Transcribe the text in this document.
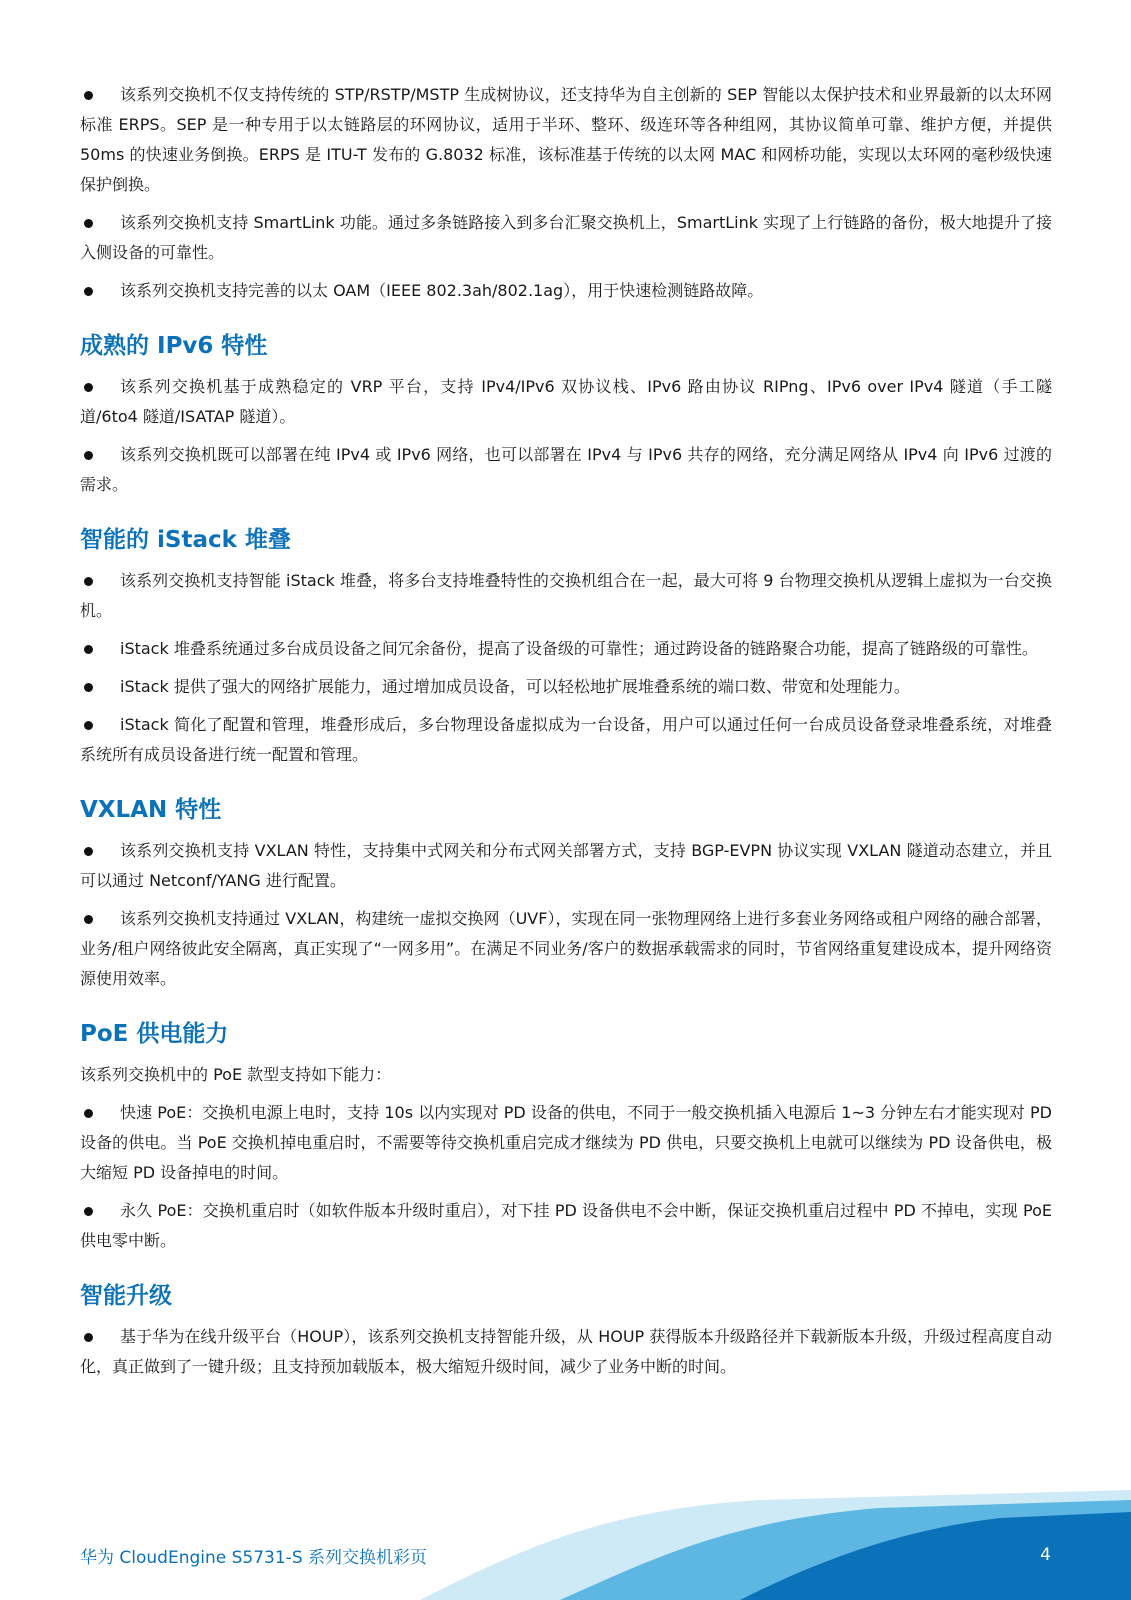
该系列交换机不仅支持传统的 STP/RSTP/MSTP 生成树协议，还支持华为自主创新的 SEP 智能以太保护技术和业界最新的以太环网标准 ERPS。SEP 是一种专用于以太链路层的环网协议，适用于半环、整环、级连环等各种组网，其协议简单可靠、维护方便，并提供 50ms 的快速业务倒换。ERPS 是 ITU-T 发布的 G.8032 标准，该标准基于传统的以太网 MAC 和网桥功能，实现以太环网的毫秒级快速保护倒换。
该系列交换机支持 SmartLink 功能。通过多条链路接入到多台汇聚交换机上，SmartLink 实现了上行链路的备份，极大地提升了接入侧设备的可靠性。
该系列交换机支持完善的以太 OAM（IEEE 802.3ah/802.1ag），用于快速检测链路故障。
成熟的 IPv6 特性
该系列交换机基于成熟稳定的 VRP 平台，支持 IPv4/IPv6 双协议栈、IPv6 路由协议 RIPng、IPv6 over IPv4 隧道（手工隧道/6to4 隧道/ISATAP 隧道）。
该系列交换机既可以部署在纯 IPv4 或 IPv6 网络，也可以部署在 IPv4 与 IPv6 共存的网络，充分满足网络从 IPv4 向 IPv6 过渡的需求。
智能的 iStack 堆叠
该系列交换机支持智能 iStack 堆叠，将多台支持堆叠特性的交换机组合在一起，最大可将 9 台物理交换机从逻辑上虚拟为一台交换机。
iStack 堆叠系统通过多台成员设备之间冗余备份，提高了设备级的可靠性；通过跨设备的链路聚合功能，提高了链路级的可靠性。
iStack 提供了强大的网络扩展能力，通过增加成员设备，可以轻松地扩展堆叠系统的端口数、带宽和处理能力。
iStack 简化了配置和管理，堆叠形成后，多台物理设备虚拟成为一台设备，用户可以通过任何一台成员设备登录堆叠系统，对堆叠系统所有成员设备进行统一配置和管理。
VXLAN 特性
该系列交换机支持 VXLAN 特性，支持集中式网关和分布式网关部署方式，支持 BGP-EVPN 协议实现 VXLAN 隧道动态建立，并且可以通过 Netconf/YANG 进行配置。
该系列交换机支持通过 VXLAN，构建统一虚拟交换网（UVF），实现在同一张物理网络上进行多套业务网络或租户网络的融合部署，业务/租户网络彼此安全隔离，真正实现了“一网多用”。在满足不同业务/客户的数据承载需求的同时，节省网络重复建设成本，提升网络资源使用效率。
PoE 供电能力
该系列交换机中的 PoE 款型支持如下能力：
快速 PoE：交换机电源上电时，支持 10s 以内实现对 PD 设备的供电，不同于一般交换机插入电源后 1~3 分钟左右才能实现对 PD 设备的供电。当 PoE 交换机掉电重启时，不需要等待交换机重启完成才继续为 PD 供电，只要交换机上电就可以继续为 PD 设备供电，极大缩短 PD 设备掉电的时间。
永久 PoE：交换机重启时（如软件版本升级时重启），对下挂 PD 设备供电不会中断，保证交换机重启过程中 PD 不掉电，实现 PoE 供电零中断。
智能升级
基于华为在线升级平台（HOUP），该系列交换机支持智能升级，从 HOUP 获得版本升级路径并下载新版本升级，升级过程高度自动化，真正做到了一键升级；且支持预加载版本，极大缩短升级时间，减少了业务中断的时间。
华为 CloudEngine S5731-S 系列交换机彩页	4
